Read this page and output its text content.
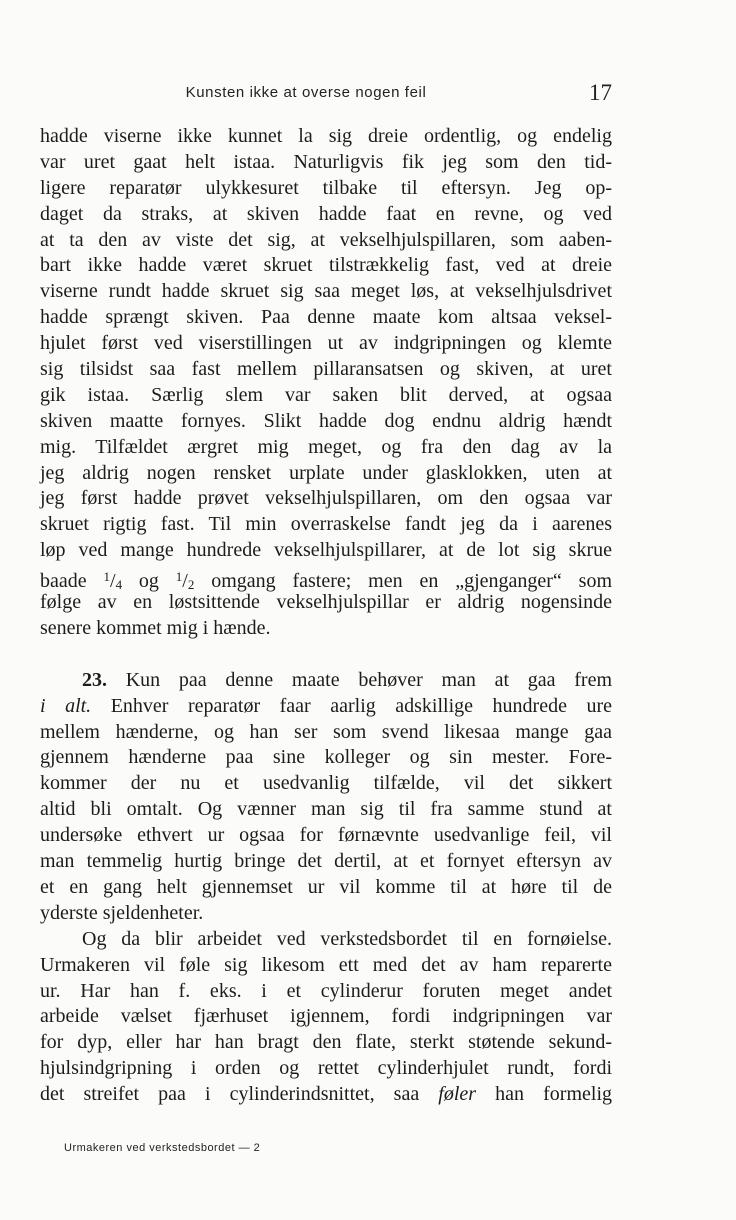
Kunsten ikke at overse nogen feil	17
hadde viserne ikke kunnet la sig dreie ordentlig, og endelig
var uret gaat helt istaa. Naturligvis fik jeg som den tid-
ligere reparatør ulykkesuret tilbake til eftersyn. Jeg op-
daget da straks, at skiven hadde faat en revne, og ved
at ta den av viste det sig, at vekselhjulspillaren, som aaben-
bart ikke hadde været skruet tilstrækkelig fast, ved at dreie
viserne rundt hadde skruet sig saa meget løs, at vekselhjulsdrivet
hadde sprængt skiven. Paa denne maate kom altsaa veksel-
hjulet først ved viserstillingen ut av indgripningen og klemte
sig tilsidst saa fast mellem pillaransatsen og skiven, at uret
gik istaa. Særlig slem var saken blit derved, at ogsaa
skiven maatte fornyes. Slikt hadde dog endnu aldrig hændt
mig. Tilfældet ærgret mig meget, og fra den dag av la
jeg aldrig nogen rensket urplate under glasklokken, uten at
jeg først hadde prøvet vekselhjulspillaren, om den ogsaa var
skruet rigtig fast. Til min overraskelse fandt jeg da i aarenes
løp ved mange hundrede vekselhjulspillarer, at de lot sig skrue
baade $^1$/4 og $^1$/2 omgang fastere; men en „gjenganger“ som
følge av en løstsittende vekselhjulspillar er aldrig nogensinde
senere kommet mig i hænde.
23. Kun paa denne maate behøver man at gaa frem
i alt. Enhver reparatør faar aarlig adskillige hundrede ure
mellem hænderne, og han ser som svend likesaa mange gaa
gjennem hænderne paa sine kolleger og sin mester. Fore-
kommer der nu et usedvanlig tilfælde, vil det sikkert
altid bli omtalt. Og vænner man sig til fra samme stund at
undersøke ethvert ur ogsaa for førnævnte usedvanlige feil, vil
man temmelig hurtig bringe det dertil, at et fornyet eftersyn av
et en gang helt gjennemset ur vil komme til at høre til de
yderste sjeldenheter.
Og da blir arbeidet ved verkstedsbordet til en fornøielse.
Urmakeren vil føle sig likesom ett med det av ham reparerte
ur. Har han f. eks. i et cylinderur foruten meget andet
arbeide vælset fjærhuset igjennem, fordi indgripningen var
for dyp, eller har han bragt den flate, sterkt støtende sekund-
hjulsindgripning i orden og rettet cylinderhjulet rundt, fordi
det streifet paa i cylinderindsnittet, saa føler han formelig
Urmakeren ved verkstedsbordet — 2
